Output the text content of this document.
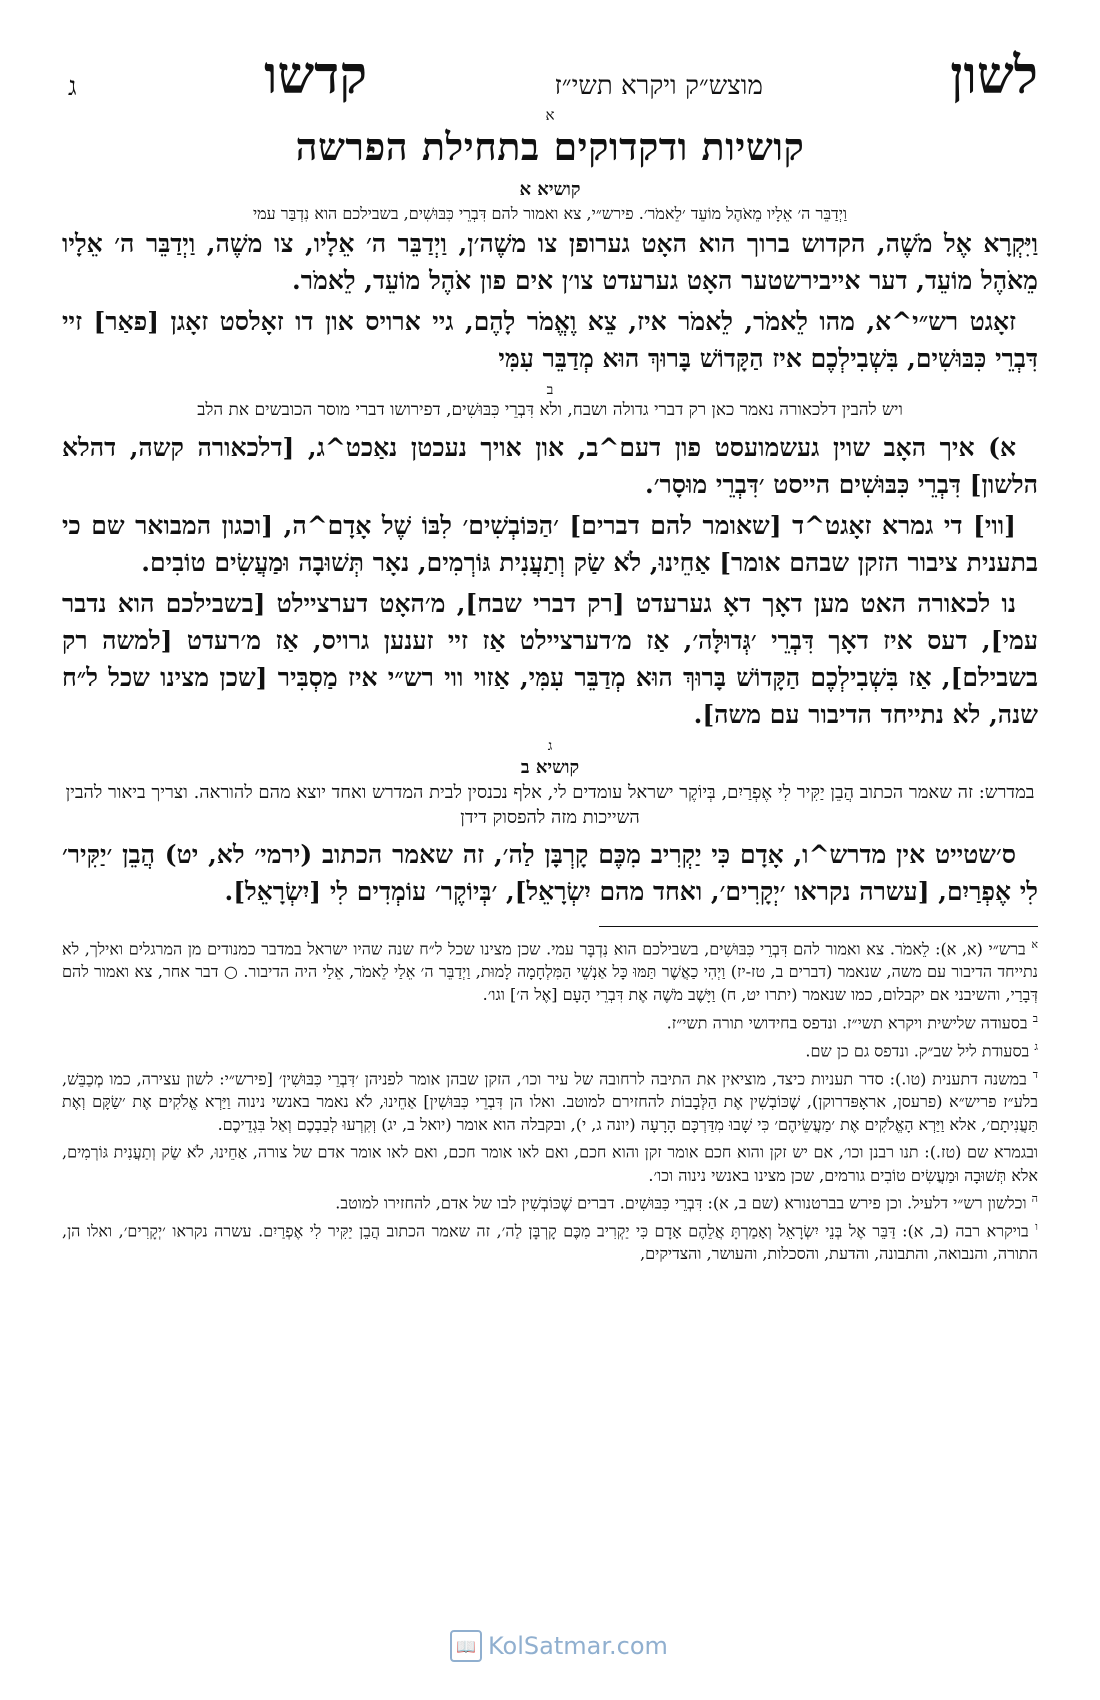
לשון
מוצש״ק ויקרא תשי״ז
קדשו
ג
א
קושיות ודקדוקים בתחילת הפרשה
קושיא א
וַיְדַבֵּר ה׳ אֵלָיו מֵאֹהֶל מוֹעֵד ׳לֵאמֹר׳. פירש״י, צא ואמור להם דִּבְרֵי כִּבּוּשִׁים, בשבילכם הוא נִדְבַּר עמי

וַיִּקְרָא אֶל מֹשֶׁה, הקדוש ברוך הוא האָט גערופן צו משֶׁה׳ן, וַיְדַבֵּר ה׳ אֵלָיו, צו משֶׁה, וַיְדַבֵּר ה׳ אֵלָיו מֵאֹהֶל מוֹעֵד, דער אייבירשטער האָט גערעדט צו׳ן אים פון אֹהֶל מוֹעֵד, לֵאמֹר.

זאָגט רש״י^א, מהו לֵאמֹר, לֵאמֹר איז, צֵא וֶאֱמֹר לָהֶם, גיי ארויס און דו זאָלסט זאָגן [פאַר] זיי דִּבְרֵי כִּבּוּשִׁים, בִּשְׁבִילְכֶם איז הַקָּדוֹשׁ בָּרוּךְ הוּא מְדַבֵּר עִמִּי

ב
ויש להבין דלכאורה נאמר כאן רק דברי גדולה ושבח, ולא דִּבְרֵי כִּבּוּשִׁים, דפירושו דברי מוסר הכובשים את הלב

א) איך האָב שוין געשמועסט פון דעם^ב, און אויך נעכטן נאַכט^ג, [דלכאורה קשה, דהלא הלשון] דִּבְרֵי כִּבּוּשִׁים הייסט ׳דִּבְרֵי מוּסָר׳.

[ווי] די גמרא זאָגט^ד [שאומר להם דברים] ׳הַכּוֹבְשִׁים׳ לִבּוֹ שֶׁל אָדָם^ה, [וכגון המבואר שם כי בתענית ציבור הזקן שבהם אומר] אַחֵינוּ, לֹא שַׂק וְתַעֲנִית גּוֹרְמִים, נאָר תְּשׁוּבָה וּמַעֲשִׂים טוֹבִים.

נו לכאורה האט מען דאָך דאָ גערעדט [רק דברי שבח], מ׳האָט דערציילט [בשבילכם הוא נדבר עמי], דעס איז דאָך דִּבְרֵי ׳גְּדוּלָּה׳, אַז מ׳דערציילט אַז זיי זענען גרויס, אַז מ׳רעדט [למשה רק בשבילם], אַז בִּשְׁבִילְכֶם הַקָּדוֹשׁ בָּרוּךְ הוּא מְדַבֵּר עִמִּי, אַזוי ווי רש״י איז מַסְבִּיר [שכן מצינו שכל ל״ח שנה, לא נתייחד הדיבור עם משה].

ג
קושיא ב
במדרש: זה שאמר הכתוב הֲבֵן יַקִּיר לִי אֶפְרַיִם, בְּיוֹקֶר ישראל עומדים לי, אלף נכנסין לבית המדרש ואחד יוצא מהם להוראה. וצריך ביאור להבין השייכות מזה להפסוק דידן

ס׳שטייט אין מדרש^ו, אָדָם כִּי יַקְרִיב מִכֶּם קָרְבָּן לַה׳, זה שאמר הכתוב (ירמי׳ לא, יט) הֲבֵן ׳יַקִּיר׳ לִי אֶפְרַיִם, [עשרה נקראו ׳יְקָרִים׳, ואחד מהם יִשְׂרָאֵל], ׳בְּיוֹקֶר׳ עוֹמְדִים לִי [יִשְׂרָאֵל].

$^א$ ברש״י (א, א): לֵאמֹר. צא ואמור להם דִּבְרֵי כִּבּוּשִׁים, בשבילכם הוא נִדְבָּר עמי. שכן מצינו שכל ל״ח שנה שהיו ישראל במדבר כמנודים מן המרגלים ואילך, לא נתייחד הדיבור עם משה, שנאמר (דברים ב, טז-יז) וַיְהִי כַאֲשֶׁר תַּמּוּ כָּל אַנְשֵׁי הַמִּלְחָמָה לָמוּת, וַיְדַבֵּר ה׳ אֵלַי לֵאמֹר, אֵלַי היה הדיבור. ○ דבר אחר, צא ואמור להם דְּבָרַי, והשיבני אם יקבלום, כמו שנאמר (יתרו יט, ח) וַיָּשֶׁב מֹשֶׁה אֶת דִּבְרֵי הָעָם [אֶל ה׳] וגו׳.
$^ב$ בסעודה שלישית ויקרא תשי״ז. ונדפס בחידושי תורה תשי״ז.
$^ג$ בסעודת ליל שב״ק. ונדפס גם כן שם.
$^ד$ במשנה דתענית (טו.): סדר תעניות כיצד, מוציאין את התיבה לרחובה של עיר וכו׳, הזקן שבהן אומר לפניהן ׳דִּבְרֵי כִּבּוּשִׁין׳ [פירש״י: לשון עצירה, כמו מְכַבֵּשׁ, בלע״ז פריש״א (פרעסן, אראָפּדרוקן), שֶׁכּוֹבְשִׁין אֶת הַלְּבָבוֹת להחזירם למוטב. ואלו הן דִּבְרֵי כִּבּוּשִׁין] אַחֵינוּ, לֹא נאמר באנשי נינוה וַיַּרְא אֱלֹקִים אֶת ׳שַׂקָּם וְאֶת תַּעֲנִיתָם׳, אלא וַיַּרְא הָאֱלֹקִים אֶת ׳מַעֲשֵׂיהֶם׳ כִּי שָׁבוּ מִדַּרְכָּם הָרָעָה (יונה ג, י), ובקבלה הוא אומר (יואל ב, יג) וְקִרְעוּ לְבַבְכֶם וְאַל בִּגְדֵיכֶם.
ובגמרא שם (טז.): תנו רבנן וכו׳, אם יש זקן והוא חכם אומר זקן והוא חכם, ואם לאו אומר חכם, ואם לאו אומר אדם של צורה, אַחֵינוּ, לֹא שַׂק וְתַעֲנִית גּוֹרְמִים, אלא תְּשׁוּבָה וּמַעֲשִׂים טוֹבִים גורמים, שכן מצינו באנשי נינוה וכו׳.
$^ה$ וכלשון רש״י דלעיל. וכן פירש בברטנורא (שם ב, א): דִּבְרֵי כִּבּוּשִׁים. דברים שֶׁכּוֹבְשִׁין לבו של אדם, להחזירו למוטב.
$^ו$ בויקרא רבה (ב, א): דַּבֵּר אֶל בְּנֵי יִשְׂרָאֵל וְאָמַרְתָּ אֲלֵהֶם אָדָם כִּי יַקְרִיב מִכֶּם קָרְבָּן לַה׳, זה שאמר הכתוב הֲבֵן יַקִּיר לִי אֶפְרַיִם. עשרה נקראו ׳יְקָרִים׳, ואלו הן, התורה, והנבואה, והתבונה, והדעת, והסכלות, והעושר, והצדיקים,
📖 KolSatmar.com
